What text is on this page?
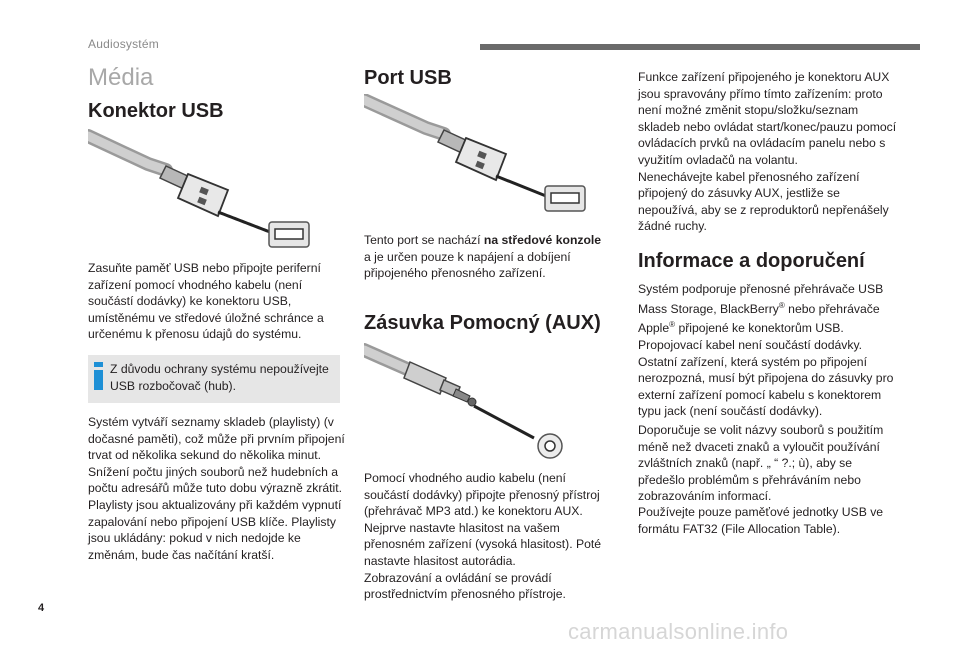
Audiosystém
Média
Konektor USB

Zasuňte paměť USB nebo připojte periferní zařízení pomocí vhodného kabelu (není součástí dodávky) ke konektoru USB, umístěnému ve středové úložné schránce a určenému k přenosu údajů do systému.

Z důvodu ochrany systému nepoužívejte USB rozbočovač (hub).

Systém vytváří seznamy skladeb (playlisty) (v dočasné paměti), což může při prvním připojení trvat od několika sekund do několika minut.
Snížení počtu jiných souborů než hudebních a počtu adresářů může tuto dobu výrazně zkrátit.
Playlisty jsou aktualizovány při každém vypnutí zapalování nebo připojení USB klíče. Playlisty jsou ukládány: pokud v nich nedojde ke změnám, bude čas načítání kratší.

Port USB

Tento port se nachází na středové konzole a je určen pouze k napájení a dobíjení připojeného přenosného zařízení.

Zásuvka Pomocný (AUX)

Pomocí vhodného audio kabelu (není součástí dodávky) připojte přenosný přístroj (přehrávač MP3 atd.) ke konektoru AUX.
Nejprve nastavte hlasitost na vašem přenosném zařízení (vysoká hlasitost). Poté nastavte hlasitost autorádia.
Zobrazování a ovládání se provádí prostřednictvím přenosného přístroje.

Funkce zařízení připojeného je konektoru AUX jsou spravovány přímo tímto zařízením: proto není možné změnit stopu/složku/seznam skladeb nebo ovládat start/konec/pauzu pomocí ovládacích prvků na ovládacím panelu nebo s využitím ovladačů na volantu.
Nenechávejte kabel přenosného zařízení připojený do zásuvky AUX, jestliže se nepoužívá, aby se z reproduktorů nepřenášely žádné ruchy.

Informace a doporučení

Systém podporuje přenosné přehrávače USB Mass Storage, BlackBerry® nebo přehrávače Apple® připojené ke konektorům USB.
Propojovací kabel není součástí dodávky.
Ostatní zařízení, která systém po připojení nerozpozná, musí být připojena do zásuvky pro externí zařízení pomocí kabelu s konektorem typu jack (není součástí dodávky).

Doporučuje se volit názvy souborů s použitím méně než dvaceti znaků a vyloučit používání zvláštních znaků (např. „ “ ?.; ù), aby se předešlo problémům s přehráváním nebo zobrazováním informací.

Používejte pouze paměťové jednotky USB ve formátu FAT32 (File Allocation Table).

4
carmanualsonline.info
